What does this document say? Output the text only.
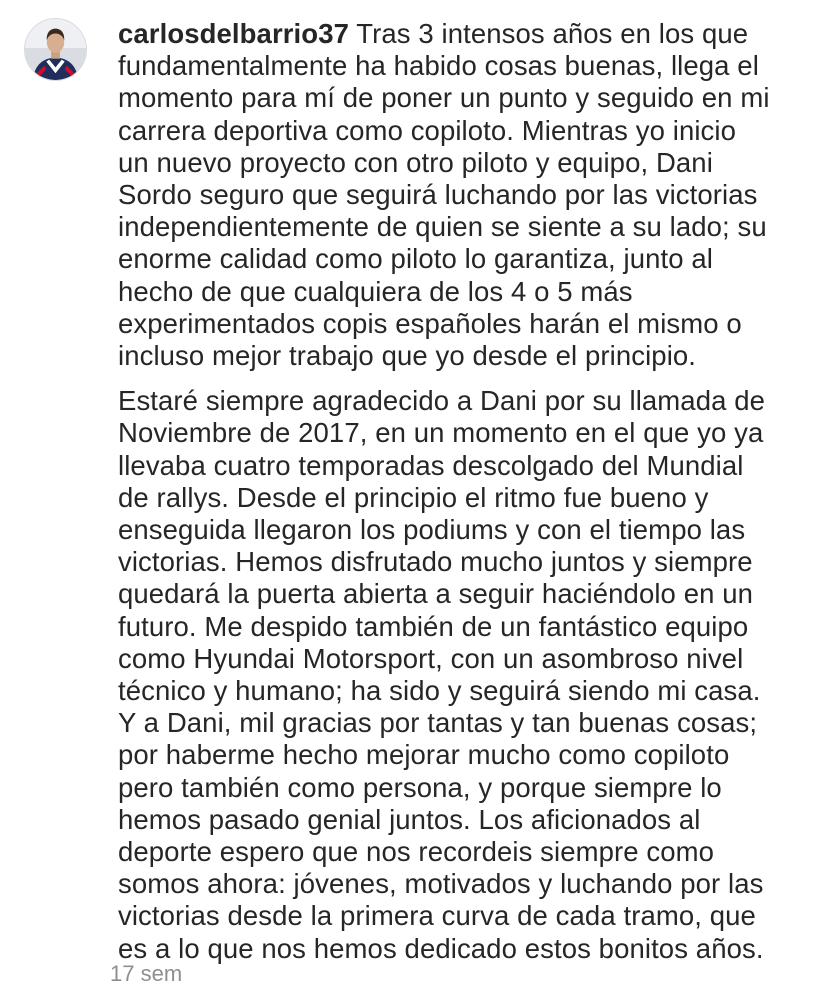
carlosdelbarrio37 Tras 3 intensos años en los que

fundamentalmente ha habido cosas buenas, llega el

momento para mí de poner un punto y seguido en mi

carrera deportiva como copiloto. Mientras yo inicio

un nuevo proyecto con otro piloto y equipo, Dani

Sordo seguro que seguirá luchando por las victorias

independientemente de quien se siente a su lado; su

enorme calidad como piloto lo garantiza, junto al

hecho de que cualquiera de los 4 o 5 más

experimentados copis españoles harán el mismo o

incluso mejor trabajo que yo desde el principio.

Estaré siempre agradecido a Dani por su llamada de

Noviembre de 2017, en un momento en el que yo ya

llevaba cuatro temporadas descolgado del Mundial

de rallys. Desde el principio el ritmo fue bueno y

enseguida llegaron los podiums y con el tiempo las

victorias. Hemos disfrutado mucho juntos y siempre

quedará la puerta abierta a seguir haciéndolo en un

futuro. Me despido también de un fantástico equipo

como Hyundai Motorsport, con un asombroso nivel

técnico y humano; ha sido y seguirá siendo mi casa.

Y a Dani, mil gracias por tantas y tan buenas cosas;

por haberme hecho mejorar mucho como copiloto

pero también como persona, y porque siempre lo

hemos pasado genial juntos. Los aficionados al

deporte espero que nos recordeis siempre como

somos ahora: jóvenes, motivados y luchando por las

victorias desde la primera curva de cada tramo, que

es a lo que nos hemos dedicado estos bonitos años.

17 sem
